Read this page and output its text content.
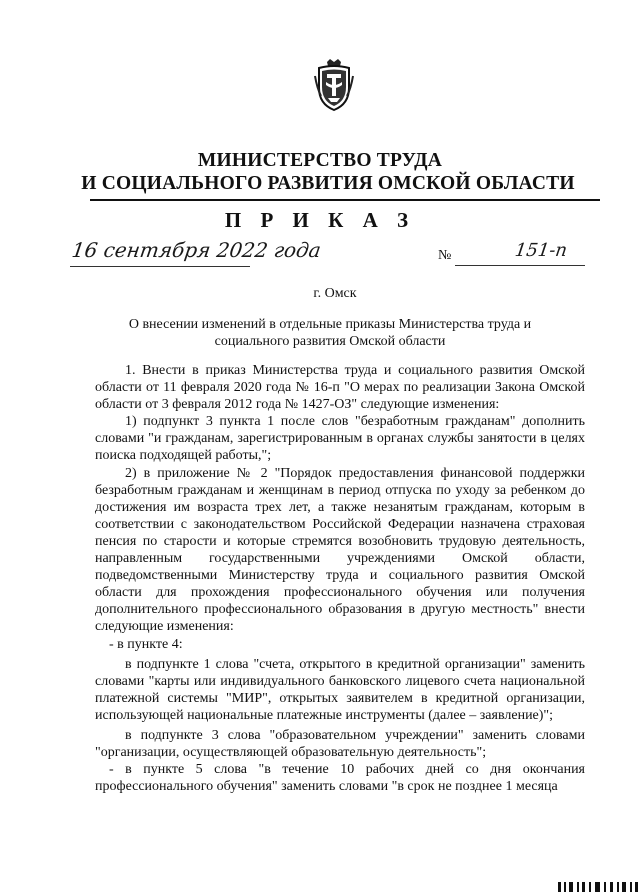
МИНИСТЕРСТВО ТРУДА
И СОЦИАЛЬНОГО РАЗВИТИЯ ОМСКОЙ ОБЛАСТИ
П Р И К А З
16 сентября 2022 года	№	151-п
г. Омск
О внесении изменений в отдельные приказы Министерства труда и социального развития Омской области

1. Внести в приказ Министерства труда и социального развития Омской области от 11 февраля 2020 года № 16-п "О мерах по реализации Закона Омской области от 3 февраля 2012 года № 1427-ОЗ" следующие изменения:

1) подпункт 3 пункта 1 после слов "безработным гражданам" дополнить словами "и гражданам, зарегистрированным в органах службы занятости в целях поиска подходящей работы,";

2) в приложение № 2 "Порядок предоставления финансовой поддержки безработным гражданам и женщинам в период отпуска по уходу за ребенком до достижения им возраста трех лет, а также незанятым гражданам, которым в соответствии с законодательством Российской Федерации назначена страховая пенсия по старости и которые стремятся возобновить трудовую деятельность, направленным государственными учреждениями Омской области, подведомственными Министерству труда и социального развития Омской области для прохождения профессионального обучения или получения дополнительного профессионального образования в другую местность" внести следующие изменения:

- в пункте 4:

в подпункте 1 слова "счета, открытого в кредитной организации" заменить словами "карты или индивидуального банковского лицевого счета национальной платежной системы "МИР", открытых заявителем в кредитной организации, использующей национальные платежные инструменты (далее – заявление)";

в подпункте 3 слова "образовательном учреждении" заменить словами "организации, осуществляющей образовательную деятельность";

- в пункте 5 слова "в течение 10 рабочих дней со дня окончания профессионального обучения" заменить словами "в срок не позднее 1 месяца
